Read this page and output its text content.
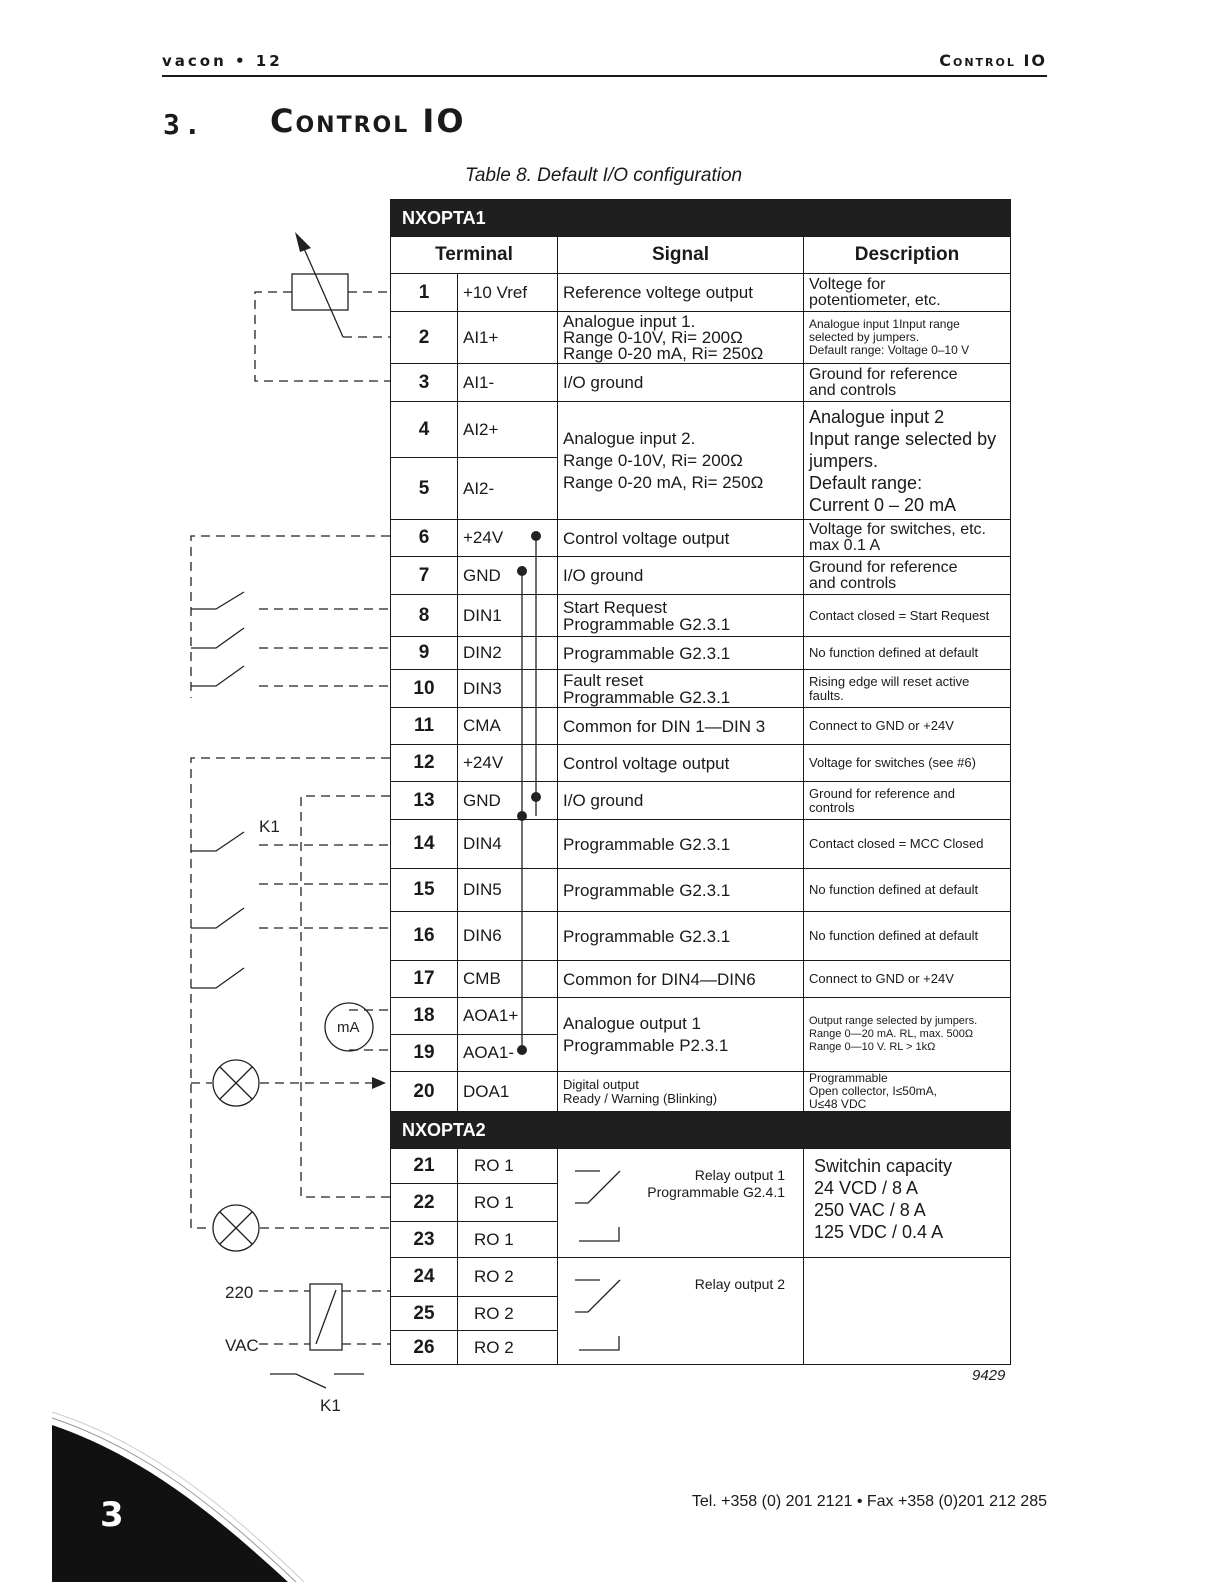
vacon • 12	Control IO
3. Control IO
Table 8. Default I/O configuration
K1
mA
220
VAC
K1
NXOPTA1			
Terminal		Signal	Description
1	+10 Vref	Reference voltege output	Voltege for
potentiometer, etc.
2	AI1+	Analogue input 1.
Range 0-10V, Ri= 200Ω
Range 0-20 mA, Ri= 250Ω	Analogue input 1Input range
selected by jumpers.
Default range: Voltage 0–10 V
3	AI1-	I/O ground	Ground for reference
and controls
4	AI2+	Analogue input 2.
Range 0-10V, Ri= 200Ω
Range 0-20 mA, Ri= 250Ω	Analogue input 2
Input range selected by
jumpers.
Default range:
Current 0 – 20 mA
5	AI2-		
6	+24V	Control voltage output	Voltage for switches, etc.
max 0.1 A
7	GND	I/O ground	Ground for reference
and controls
8	DIN1	Start Request
Programmable G2.3.1	Contact closed = Start Request
9	DIN2	Programmable G2.3.1	No function defined at default
10	DIN3	Fault reset
Programmable G2.3.1	Rising edge will reset active
faults.
11	CMA	Common for DIN 1—DIN 3	Connect to GND or +24V
12	+24V	Control voltage output	Voltage for switches (see #6)
13	GND	I/O ground	Ground for reference and
controls
14	DIN4	Programmable G2.3.1	Contact closed = MCC Closed
15	DIN5	Programmable G2.3.1	No function defined at default
16	DIN6	Programmable G2.3.1	No function defined at default
17	CMB	Common for DIN4—DIN6	Connect to GND or +24V
18	AOA1+	Analogue output 1
Programmable P2.3.1	Output range selected by jumpers.
Range 0—20 mA. RL, max. 500Ω
Range 0—10 V. RL > 1kΩ
19	AOA1-		
20	DOA1	Digital output
Ready / Warning (Blinking)	Programmable
Open collector, I≤50mA,
U≤48 VDC
NXOPTA2			
21	RO 1	Relay output 1
Programmable G2.4.1	Switchin capacity
24 VCD / 8 A
250 VAC / 8 A
125 VDC / 0.4 A
22	RO 1		
23	RO 1		
24	RO 2	Relay output 2	

25	RO 2		
26	RO 2		
9429
3	Tel. +358 (0) 201 2121 • Fax +358 (0)201 212 285
